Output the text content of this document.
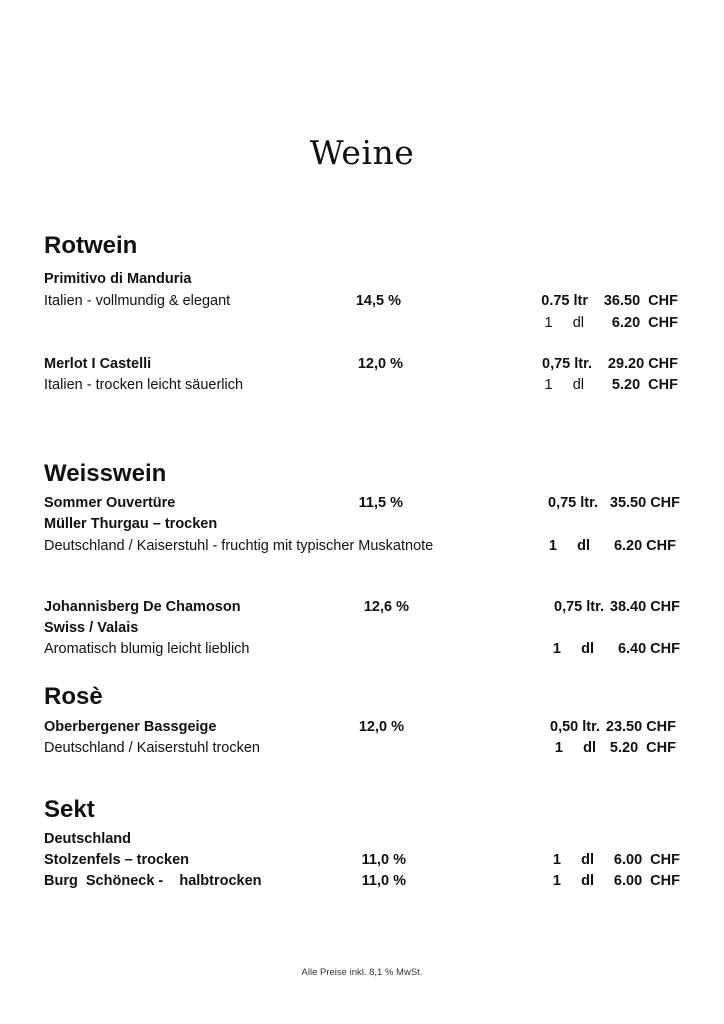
Weine
Rotwein
Primitivo di Manduria
Italien - vollmundig & elegant	14,5 %	0.75 ltr	36.50  CHF
1     dl	6.20  CHF
Merlot I Castelli
Italien - trocken leicht säuerlich
12,0 %	0,75 ltr.	29.20 CHF
1     dl	5.20  CHF
Weisswein
Sommer Ouvertüre
Müller Thurgau – trocken
Deutschland / Kaiserstuhl - fruchtig mit typischer Muskatnote
11,5 %	0,75 ltr. 35.50 CHF
1     dl	6.20 CHF
Johannisberg De Chamoson
Swiss / Valais
Aromatisch blumig leicht lieblich
12,6 %	0,75 ltr. 38.40 CHF
1     dl	6.40 CHF
Rosè
Oberbergener Bassgeige
Deutschland / Kaiserstuhl trocken
12,0 %	0,50 ltr. 23.50 CHF
1     dl 5.20  CHF
Sekt
Deutschland
Stolzenfels – trocken	11,0 %	1     dl	6.00  CHF
Burg  Schöneck -    halbtrocken	11,0 %	1     dl	6.00  CHF
Alle Preise inkl. 8,1 % MwSt.
